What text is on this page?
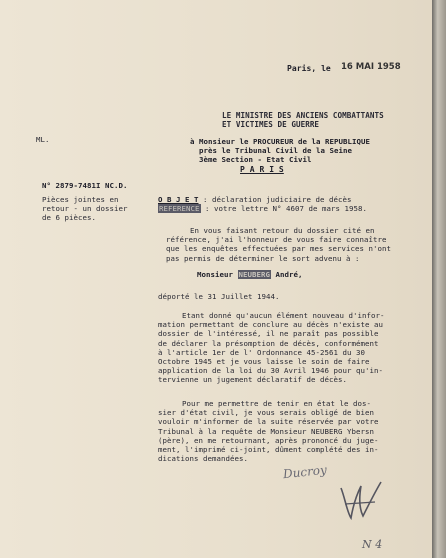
Paris, le 16 MAI 1958
LE MINISTRE DES ANCIENS COMBATTANTS
ET VICTIMES DE GUERRE
ML.	à Monsieur le PROCUREUR de la REPUBLIQUE
près le Tribunal Civil de la Seine
3ème Section - Etat Civil
P A R I S
N° 2879-7481I NC.D.
Pièces jointes en
retour - un dossier
de 6 pièces.
O B J E T : déclaration judiciaire de décès
REFERENCE : votre lettre N° 4607 de mars 1958.

En vous faisant retour du dossier cité en

référence, j'ai l'honneur de vous faire connaître

que les enquêtes effectuées par mes services n'ont

pas permis de déterminer le sort advenu à :

Monsieur NEUBERG André,
déporté le 31 Juillet 1944.

Etant donné qu'aucun élément nouveau d'infor-

mation permettant de conclure au décès n'existe au

dossier de l'intéressé, il ne paraît pas possible

de déclarer la présomption de décès, conformément

à l'article 1er de l' Ordonnance 45-2561 du 30

Octobre 1945 et je vous laisse le soin de faire

application de la loi du 30 Avril 1946 pour qu'in-

tervienne un jugement déclaratif de décès.

Pour me permettre de tenir en état le dos-

sier d'état civil, je vous serais obligé de bien

vouloir m'informer de la suite réservée par votre

Tribunal à la requête de Monsieur NEUBERG Ybersn

(père), en me retournant, après prononcé du juge-

ment, l'imprimé ci-joint, dûment complété des in-

dications demandées.

Ducroy
N 4
